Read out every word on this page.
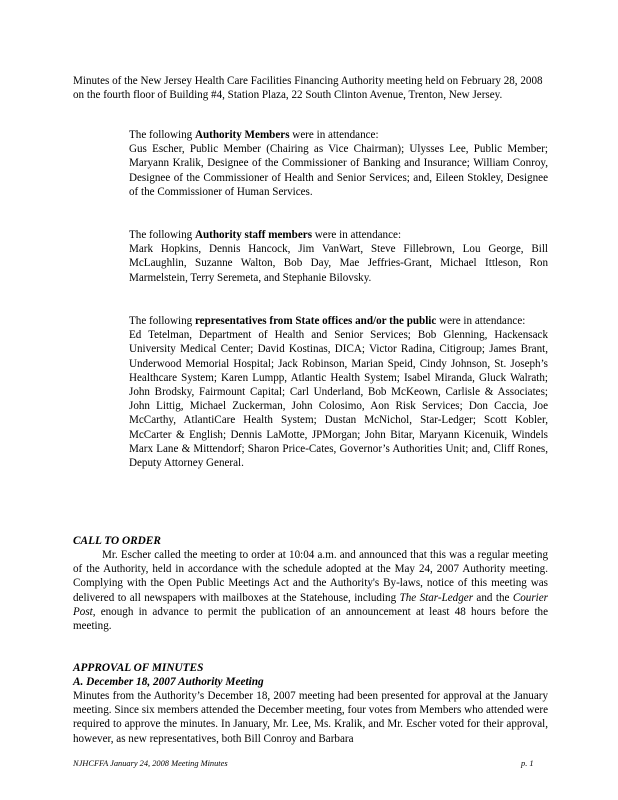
Minutes of the New Jersey Health Care Facilities Financing Authority meeting held on February 28, 2008 on the fourth floor of Building #4, Station Plaza, 22 South Clinton Avenue, Trenton, New Jersey.

The following Authority Members were in attendance:

Gus Escher, Public Member (Chairing as Vice Chairman); Ulysses Lee, Public Member; Maryann Kralik, Designee of the Commissioner of Banking and Insurance; William Conroy, Designee of the Commissioner of Health and Senior Services; and, Eileen Stokley, Designee of the Commissioner of Human Services.

The following Authority staff members were in attendance:

Mark Hopkins, Dennis Hancock, Jim VanWart, Steve Fillebrown, Lou George, Bill McLaughlin, Suzanne Walton, Bob Day, Mae Jeffries-Grant, Michael Ittleson, Ron Marmelstein, Terry Seremeta, and Stephanie Bilovsky.

The following representatives from State offices and/or the public were in attendance:

Ed Tetelman, Department of Health and Senior Services; Bob Glenning, Hackensack University Medical Center; David Kostinas, DICA; Victor Radina, Citigroup; James Brant, Underwood Memorial Hospital; Jack Robinson, Marian Speid, Cindy Johnson, St. Joseph’s Healthcare System; Karen Lumpp, Atlantic Health System; Isabel Miranda, Gluck Walrath; John Brodsky, Fairmount Capital; Carl Underland, Bob McKeown, Carlisle & Associates; John Littig, Michael Zuckerman, John Colosimo, Aon Risk Services; Don Caccia, Joe McCarthy, AtlantiCare Health System; Dustan McNichol, Star-Ledger; Scott Kobler, McCarter & English; Dennis LaMotte, JPMorgan; John Bitar, Maryann Kicenuik, Windels Marx Lane & Mittendorf; Sharon Price-Cates, Governor’s Authorities Unit; and, Cliff Rones, Deputy Attorney General.

CALL TO ORDER

Mr. Escher called the meeting to order at 10:04 a.m. and announced that this was a regular meeting of the Authority, held in accordance with the schedule adopted at the May 24, 2007 Authority meeting. Complying with the Open Public Meetings Act and the Authority's By-laws, notice of this meeting was delivered to all newspapers with mailboxes at the Statehouse, including The Star-Ledger and the Courier Post, enough in advance to permit the publication of an announcement at least 48 hours before the meeting.

APPROVAL OF MINUTES

A. December 18, 2007 Authority Meeting

Minutes from the Authority’s December 18, 2007 meeting had been presented for approval at the January meeting. Since six members attended the December meeting, four votes from Members who attended were required to approve the minutes. In January, Mr. Lee, Ms. Kralik, and Mr. Escher voted for their approval, however, as new representatives, both Bill Conroy and Barbara

NJHCFFA January 24, 2008 Meeting Minutes	p. 1
